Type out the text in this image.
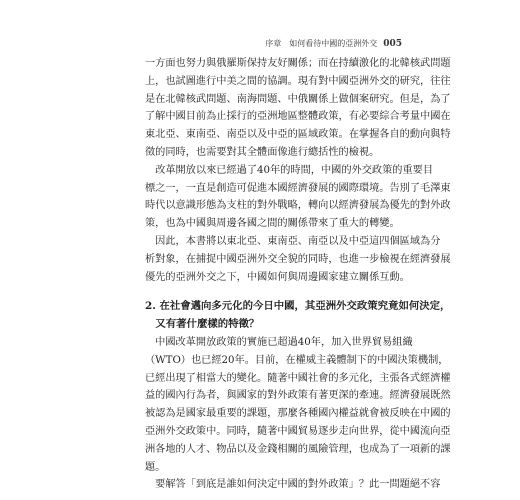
序章　如何看待中國的亞洲外交 005

一方面也努力與俄羅斯保持友好關係；而在持續激化的北韓核武問題

上，也試圖進行中美之間的協調。現有對中國亞洲外交的研究，往往

是在北韓核武問題、南海問題、中俄關係上做個案研究。但是，為了

了解中國目前為止採行的亞洲地區整體政策，有必要綜合考量中國在

東北亞、東南亞、南亞以及中亞的區域政策。在掌握各自的動向與特

徵的同時，也需要對其全體面像進行總括性的檢視。

　改革開放以來已經過了40年的時間，中國的外交政策的重要目

標之一，一直是創造可促進本國經濟發展的國際環境。告別了毛澤東

時代以意識形態為支柱的對外戰略，轉向以經濟發展為優先的對外政

策，也為中國與周邊各國之間的關係帶來了重大的轉變。

　因此，本書將以東北亞、東南亞、南亞以及中亞這四個區域為分

析對象，在捕捉中國亞洲外交全貌的同時，也進一步檢視在經濟發展

優先的亞洲外交之下，中國如何與周邊國家建立關係互動。

2. 在社會邁向多元化的今日中國，其亞洲外交政策究竟如何決定，

　又有著什麼樣的特徵？

　中國改革開放政策的實施已超過40年，加入世界貿易組織

（WTO）也已經20年。目前，在權威主義體制下的中國決策機制，

已經出現了相當大的變化。隨著中國社會的多元化，主張各式經濟權

益的國內行為者，與國家的對外政策有著更深的牽連。經濟發展既然

被認為是國家最重要的課題，那麼各種國內權益就會被反映在中國的

亞洲外交政策中。同時，隨著中國貿易逐步走向世界，從中國流向亞

洲各地的人才、物品以及金錢相關的風險管理，也成為了一項新的課

題。

　要解答「到底是誰如何決定中國的對外政策」？此一問題絕不容
